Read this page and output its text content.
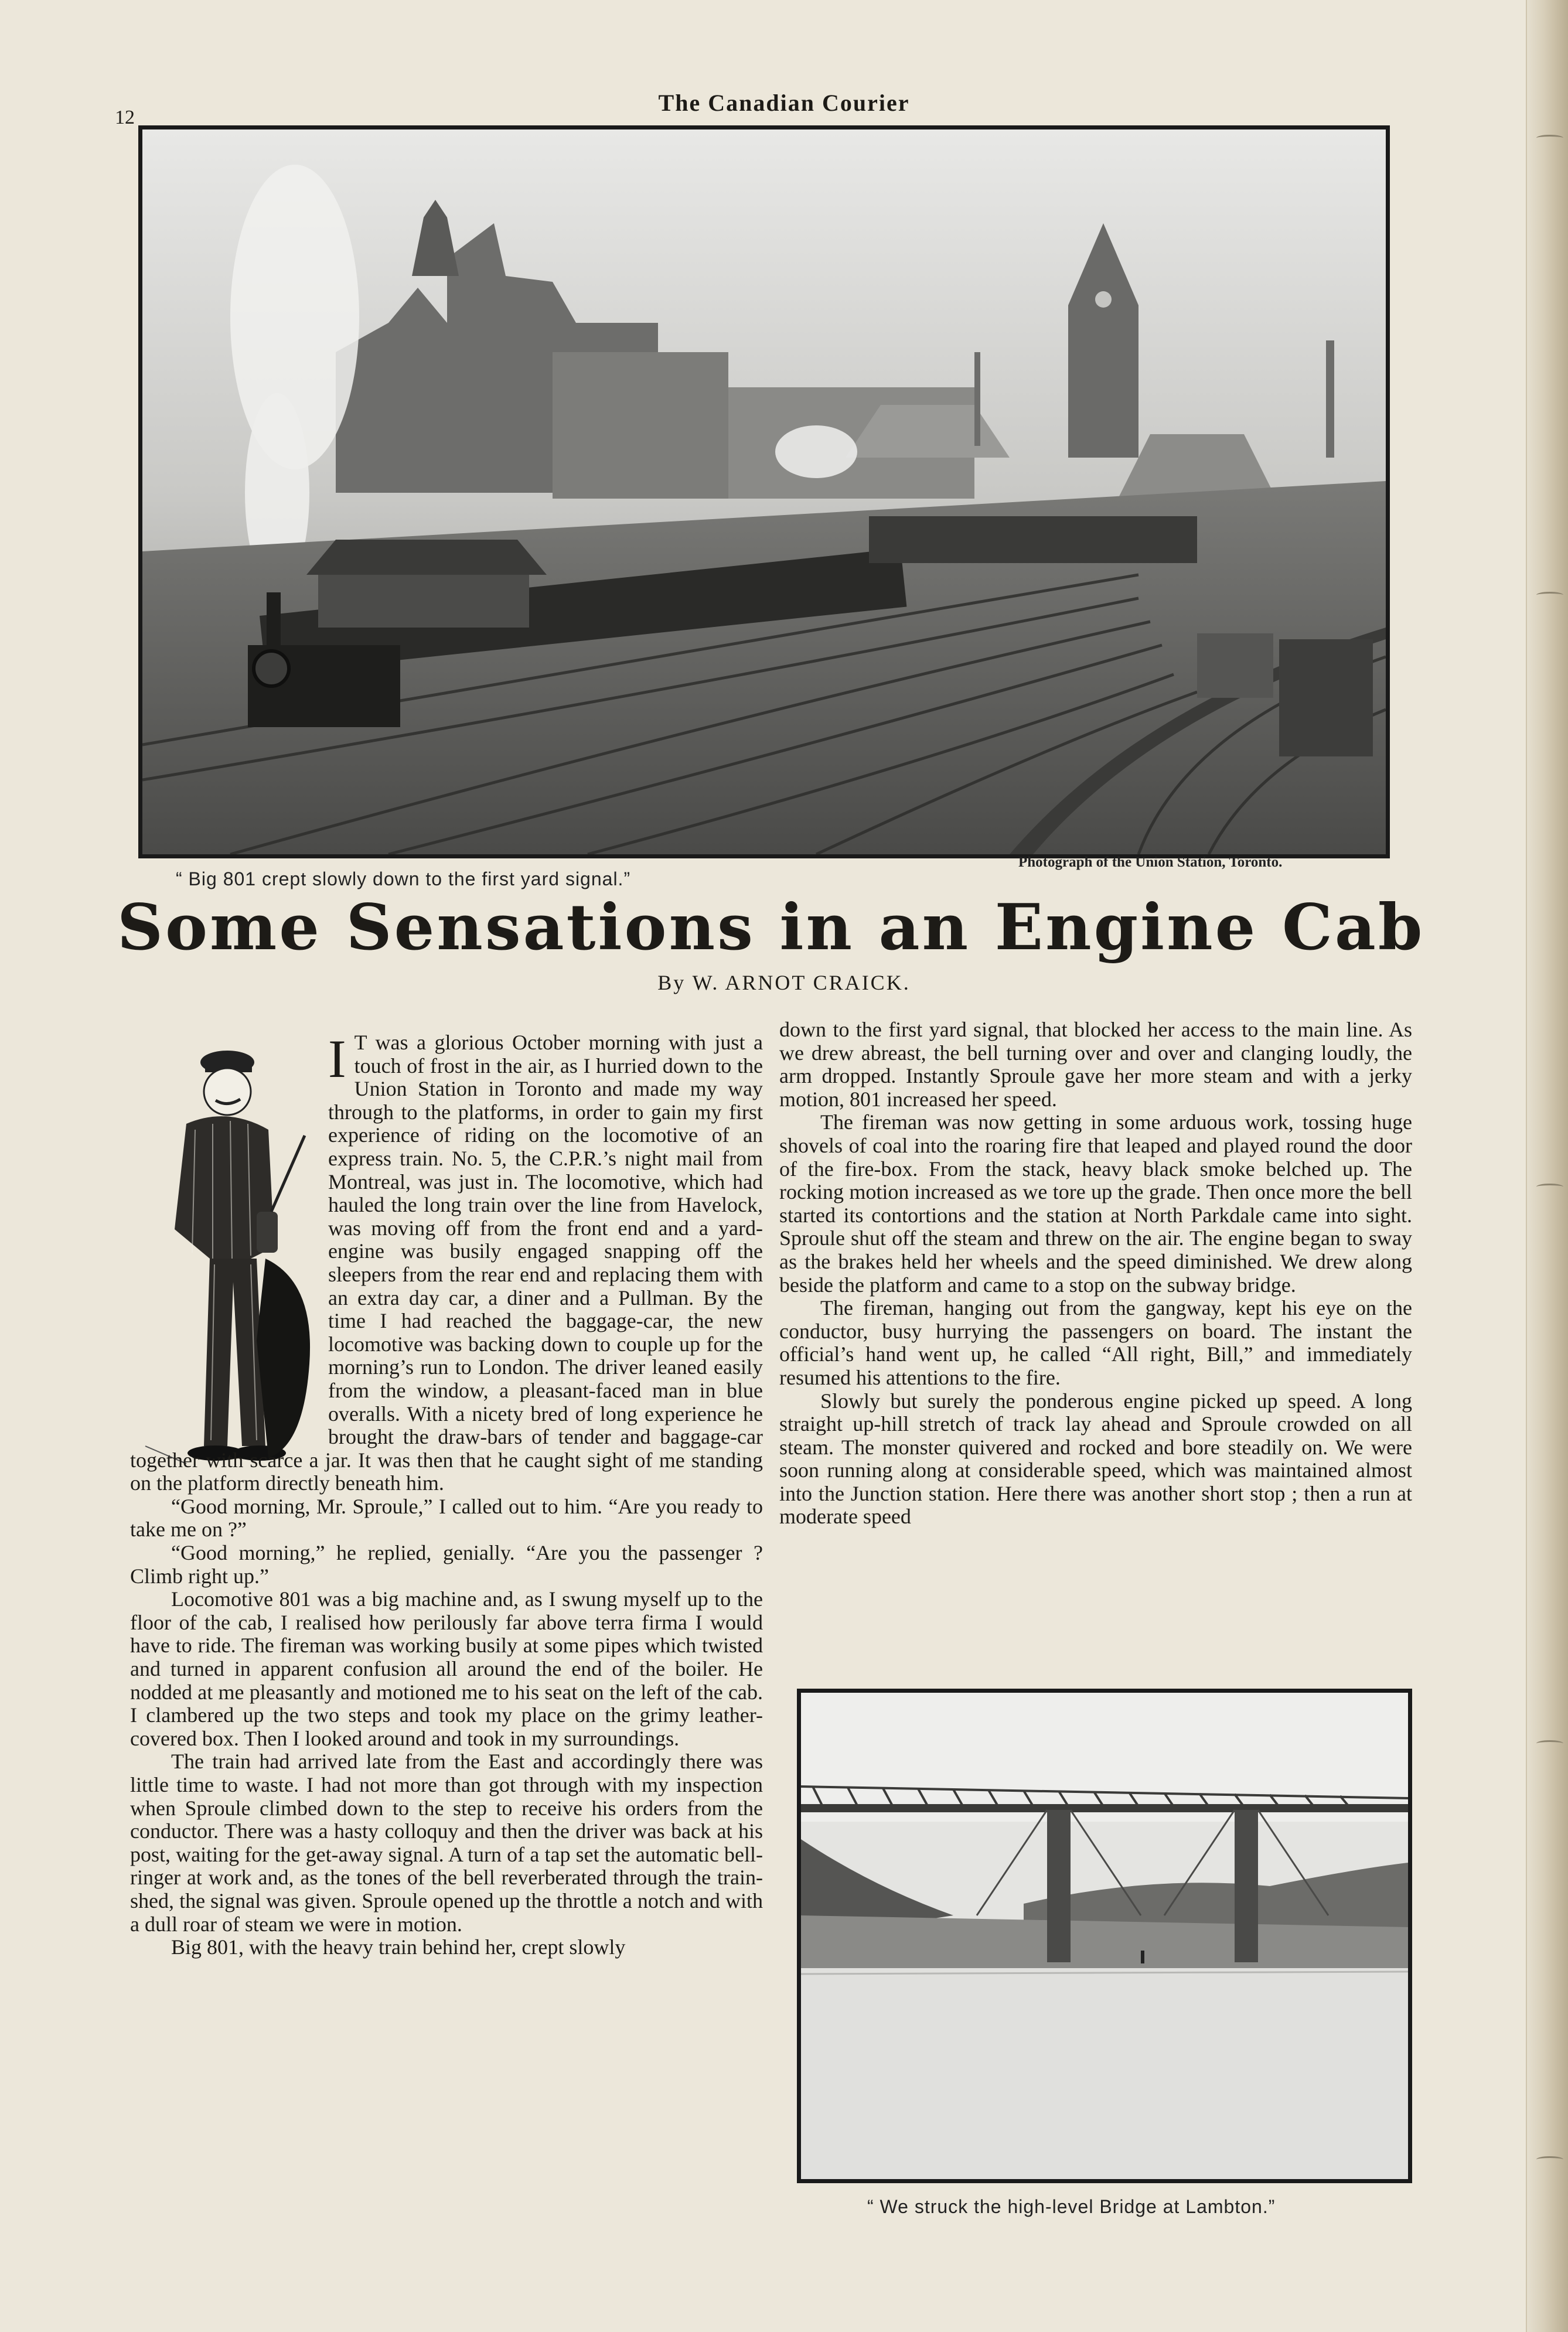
12
The Canadian Courier
“ Big 801 crept slowly down to the first yard signal.”
Photograph of the Union Station, Toronto.
Some Sensations in an Engine Cab
By W. ARNOT CRAICK.

I T was a glorious October morning with just a touch of frost in the air, as I hurried down to the Union Station in Toronto and made my way through to the platforms, in order to gain my first experience of riding on the locomotive of an express train. No. 5, the C.P.R.’s night mail from Montreal, was just in. The locomotive, which had hauled the long train over the line from Havelock, was moving off from the front end and a yard-engine was busily engaged snapping off the sleepers from the rear end and replacing them with an extra day car, a diner and a Pullman. By the time I had reached the baggage-car, the new locomotive was backing down to couple up for the morning’s run to London. The driver leaned easily from the window, a pleasant-faced man in blue overalls. With a nicety bred of long experience he brought the draw-bars of tender and baggage-car together with scarce a jar. It was then that he caught sight of me standing on the platform directly beneath him.

“Good morning, Mr. Sproule,” I called out to him. “Are you ready to take me on ?”

“Good morning,” he replied, genially. “Are you the passenger ? Climb right up.”

Locomotive 801 was a big machine and, as I swung myself up to the floor of the cab, I realised how perilously far above terra firma I would have to ride. The fireman was working busily at some pipes which twisted and turned in apparent confusion all around the end of the boiler. He nodded at me pleasantly and motioned me to his seat on the left of the cab. I clambered up the two steps and took my place on the grimy leather-covered box. Then I looked around and took in my surroundings.

The train had arrived late from the East and accordingly there was little time to waste. I had not more than got through with my inspection when Sproule climbed down to the step to receive his orders from the conductor. There was a hasty colloquy and then the driver was back at his post, waiting for the get-away signal. A turn of a tap set the automatic bell-ringer at work and, as the tones of the bell reverberated through the train-shed, the signal was given. Sproule opened up the throttle a notch and with a dull roar of steam we were in motion.

Big 801, with the heavy train behind her, crept slowly

down to the first yard signal, that blocked her access to the main line. As we drew abreast, the bell turning over and over and clanging loudly, the arm dropped. Instantly Sproule gave her more steam and with a jerky motion, 801 increased her speed.

The fireman was now getting in some arduous work, tossing huge shovels of coal into the roaring fire that leaped and played round the door of the fire-box. From the stack, heavy black smoke belched up. The rocking motion increased as we tore up the grade. Then once more the bell started its contortions and the station at North Parkdale came into sight. Sproule shut off the steam and threw on the air. The engine began to sway as the brakes held her wheels and the speed diminished. We drew along beside the platform and came to a stop on the subway bridge.

The fireman, hanging out from the gangway, kept his eye on the conductor, busy hurrying the passengers on board. The instant the official’s hand went up, he called “All right, Bill,” and immediately resumed his attentions to the fire.

Slowly but surely the ponderous engine picked up speed. A long straight up-hill stretch of track lay ahead and Sproule crowded on all steam. The monster quivered and rocked and bore steadily on. We were soon running along at considerable speed, which was maintained almost into the Junction station. Here there was another short stop ; then a run at moderate speed

“ We struck the high-level Bridge at Lambton.”
